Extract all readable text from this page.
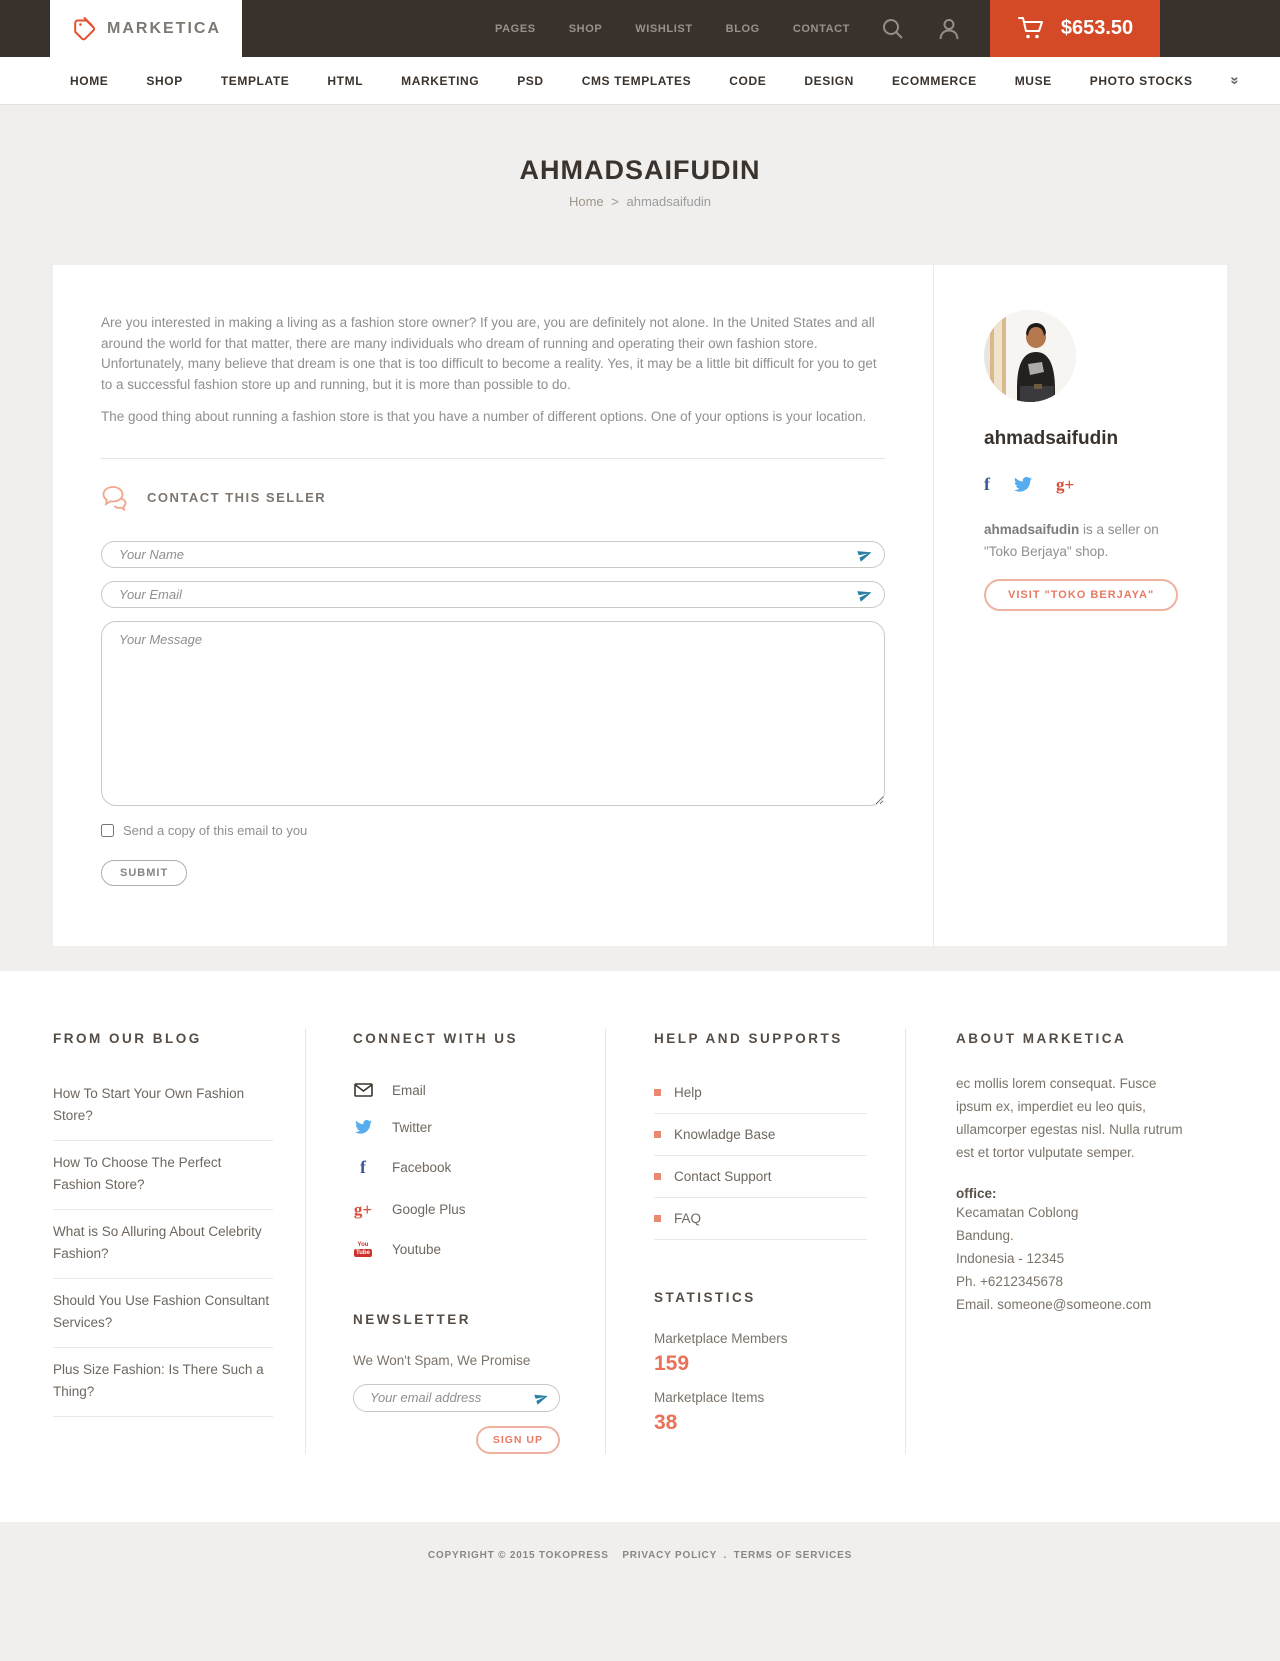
MARKETICA	PAGES	SHOP	WISHLIST	BLOG	CONTACT	$653.50
HOME	SHOP	TEMPLATE	HTML	MARKETING	PSD	CMS TEMPLATES	CODE	DESIGN	ECOMMERCE	MUSE	PHOTO STOCKS »
AHMADSAIFUDIN
Home > ahmadsaifudin

Are you interested in making a living as a fashion store owner? If you are, you are definitely not alone. In the United States and all around the world for that matter, there are many individuals who dream of running and operating their own fashion store. Unfortunately, many believe that dream is one that is too difficult to become a reality. Yes, it may be a little bit difficult for you to get to a successful fashion store up and running, but it is more than possible to do.

The good thing about running a fashion store is that you have a number of different options. One of your options is your location.

CONTACT THIS SELLER
Your Name
Your Email
Your Message
Send a copy of this email to you
SUBMIT
ahmadsaifudin
f	g+

ahmadsaifudin is a seller on "Toko Berjaya" shop.

VISIT "TOKO BERJAYA"
FROM OUR BLOG
How To Start Your Own Fashion Store?
How To Choose The Perfect Fashion Store?
What is So Alluring About Celebrity Fashion?
Should You Use Fashion Consultant Services?
Plus Size Fashion: Is There Such a Thing?
CONNECT WITH US
Email
Twitter
f	Facebook
g+ Google Plus
You
Tube Youtube
NEWSLETTER

We Won't Spam, We Promise

Your email address
SIGN UP
HELP AND SUPPORTS
Help
Knowladge Base
Contact Support
FAQ
STATISTICS
Marketplace Members
159
Marketplace Items
38
ABOUT MARKETICA

ec mollis lorem consequat. Fusce ipsum ex, imperdiet eu leo quis, ullamcorper egestas nisl. Nulla rutrum est et tortor vulputate semper.

office:

Kecamatan Coblong
Bandung.
Indonesia - 12345
Ph. +6212345678
Email. someone@someone.com
COPYRIGHT © 2015 TOKOPRESS PRIVACY POLICY . TERMS OF SERVICES
